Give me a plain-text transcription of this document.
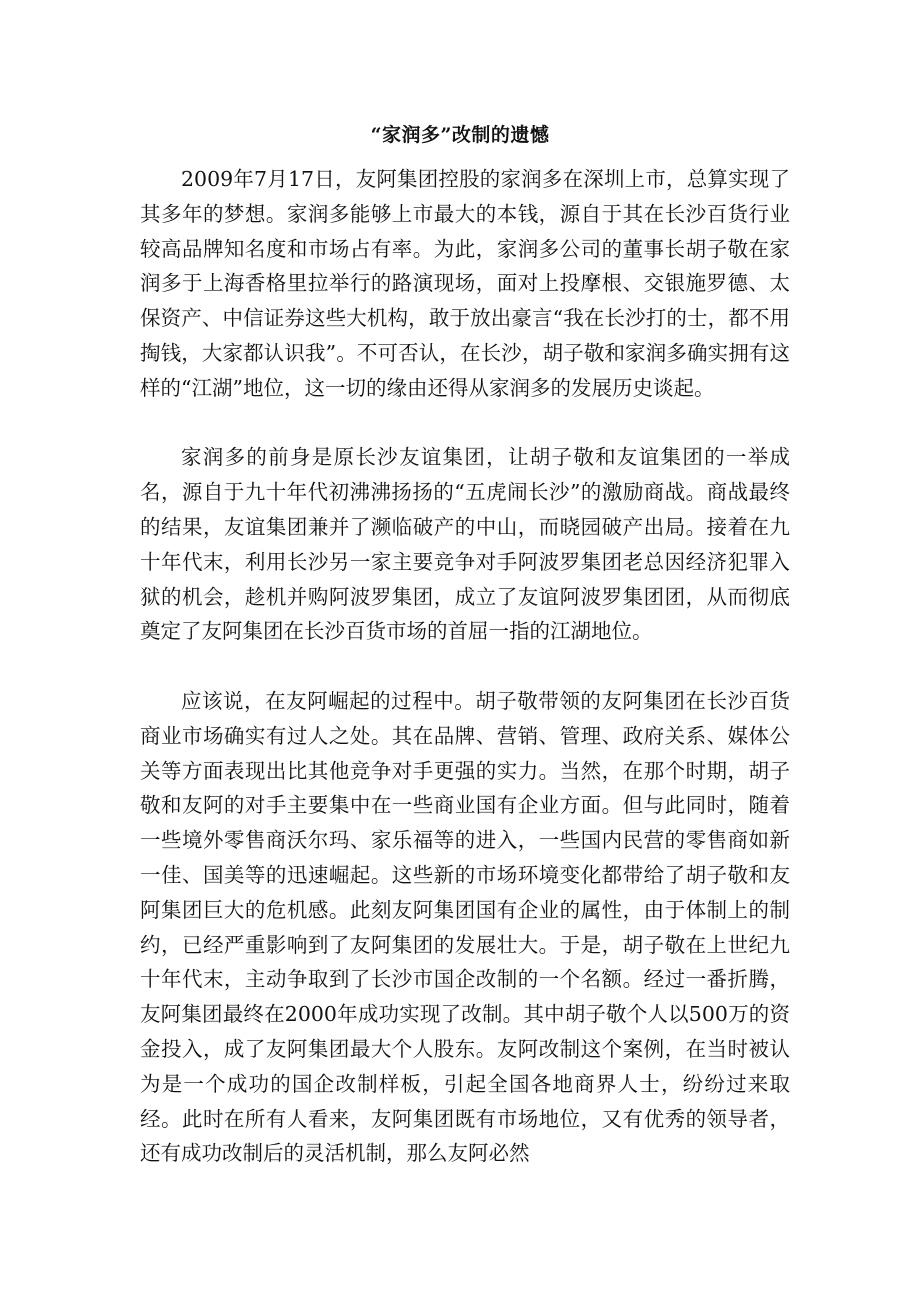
“家润多”改制的遗憾

2009年7月17日，友阿集团控股的家润多在深圳上市，总算实现了其多年的梦想。家润多能够上市最大的本钱，源自于其在长沙百货行业较高品牌知名度和市场占有率。为此，家润多公司的董事长胡子敬在家润多于上海香格里拉举行的路演现场，面对上投摩根、交银施罗德、太保资产、中信证券这些大机构，敢于放出豪言“我在长沙打的士，都不用掏钱，大家都认识我”。不可否认，在长沙，胡子敬和家润多确实拥有这样的“江湖”地位，这一切的缘由还得从家润多的发展历史谈起。

家润多的前身是原长沙友谊集团，让胡子敬和友谊集团的一举成名，源自于九十年代初沸沸扬扬的“五虎闹长沙”的激励商战。商战最终的结果，友谊集团兼并了濒临破产的中山，而晓园破产出局。接着在九十年代末，利用长沙另一家主要竞争对手阿波罗集团老总因经济犯罪入狱的机会，趁机并购阿波罗集团，成立了友谊阿波罗集团团，从而彻底奠定了友阿集团在长沙百货市场的首屈一指的江湖地位。

应该说，在友阿崛起的过程中。胡子敬带领的友阿集团在长沙百货商业市场确实有过人之处。其在品牌、营销、管理、政府关系、媒体公关等方面表现出比其他竞争对手更强的实力。当然，在那个时期，胡子敬和友阿的对手主要集中在一些商业国有企业方面。但与此同时，随着一些境外零售商沃尔玛、家乐福等的进入，一些国内民营的零售商如新一佳、国美等的迅速崛起。这些新的市场环境变化都带给了胡子敬和友阿集团巨大的危机感。此刻友阿集团国有企业的属性，由于体制上的制约，已经严重影响到了友阿集团的发展壮大。于是，胡子敬在上世纪九十年代末，主动争取到了长沙市国企改制的一个名额。经过一番折腾，友阿集团最终在2000年成功实现了改制。其中胡子敬个人以500万的资金投入，成了友阿集团最大个人股东。友阿改制这个案例，在当时被认为是一个成功的国企改制样板，引起全国各地商界人士，纷纷过来取经。此时在所有人看来，友阿集团既有市场地位，又有优秀的领导者，还有成功改制后的灵活机制，那么友阿必然
